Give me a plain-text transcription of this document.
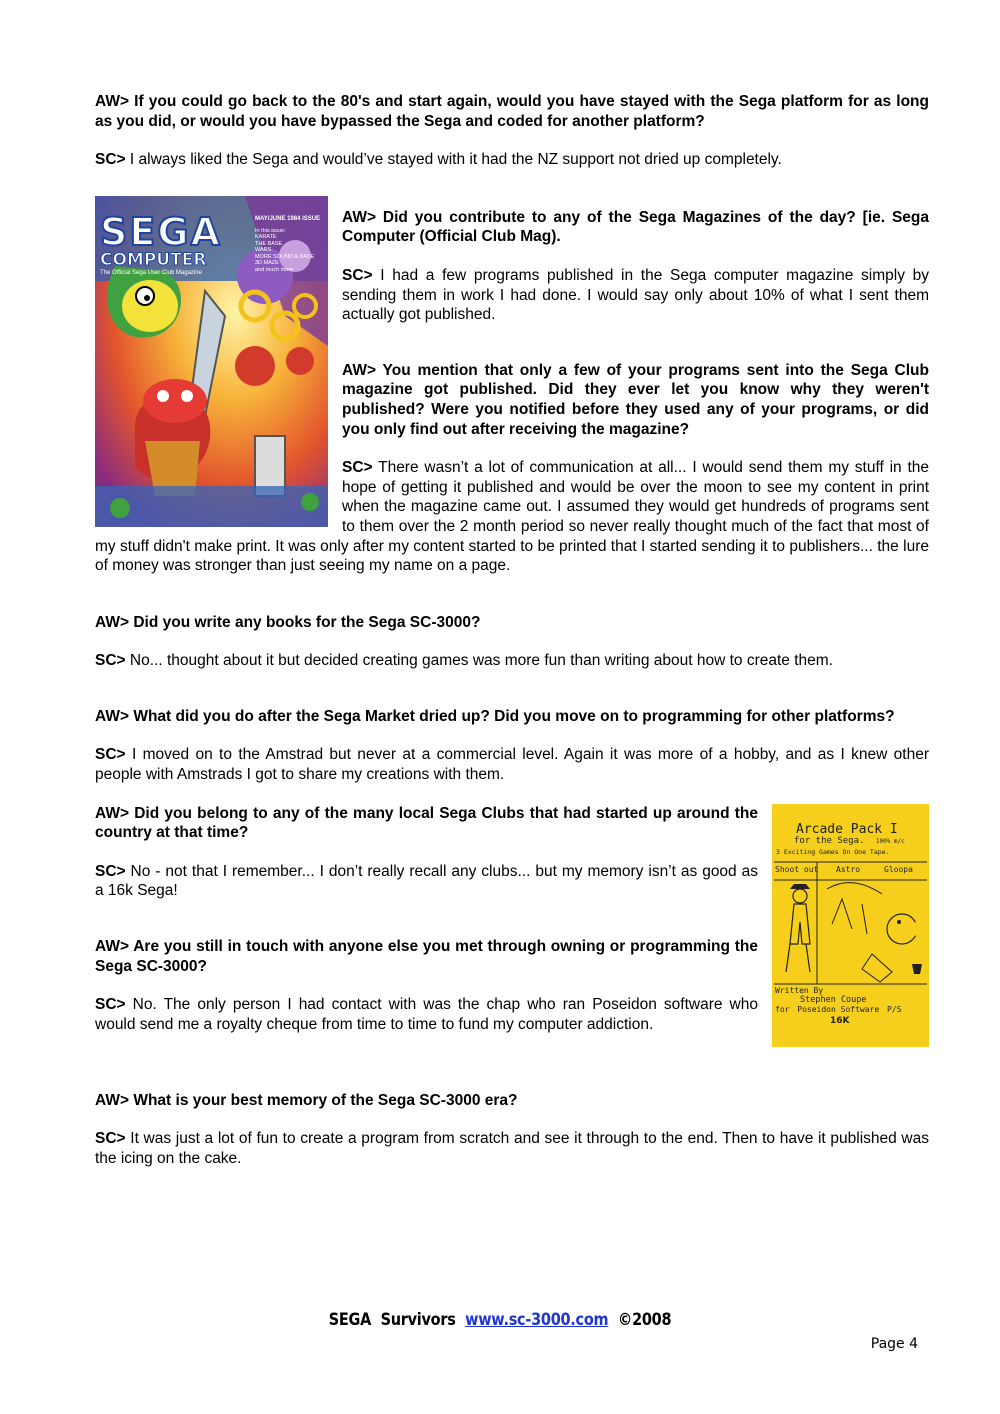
AW> If you could go back to the 80's and start again, would you have stayed with the Sega platform for as long as you did, or would you have bypassed the Sega and coded for another platform?

SC> I always liked the Sega and would’ve stayed with it had the NZ support not dried up completely.

SEGA
COMPUTER
The Official Sega User Club Magazine
MAY/JUNE 1984 ISSUE
In this issue:
KARATE
THE BASE
WARS
MORE SOUND & BASE
3D MAZE
and much more

AW> Did you contribute to any of the Sega Magazines of the day? [ie. Sega Computer (Official Club Mag).

SC> I had a few programs published in the Sega computer magazine simply by sending them in work I had done. I would say only about 10% of what I sent them actually got published.

AW> You mention that only a few of your programs sent into the Sega Club magazine got published. Did they ever let you know why they weren't published? Were you notified before they used any of your programs, or did you only find out after receiving the magazine?

SC> There wasn’t a lot of communication at all... I would send them my stuff in the hope of getting it published and would be over the moon to see my content in print when the magazine came out. I assumed they would get hundreds of programs sent to them over the 2 month period so never really thought much of the fact that most of my stuff didn't make print. It was only after my content started to be printed that I started sending it to publishers... the lure of money was stronger than just seeing my name on a page.

AW> Did you write any books for the Sega SC-3000?

SC> No... thought about it but decided creating games was more fun than writing about how to create them.

AW> What did you do after the Sega Market dried up? Did you move on to programming for other platforms?

SC> I moved on to the Amstrad but never at a commercial level. Again it was more of a hobby, and as I knew other people with Amstrads I got to share my creations with them.

Arcade Pack I
for the Sega. 100% m/c
3 Exciting Games On One Tape.
Shoot out Astro	Gloopa
Written By
Stephen Coupe
for Poseidon Software P/S
16K

AW> Did you belong to any of the many local Sega Clubs that had started up around the country at that time?

SC> No - not that I remember... I don’t really recall any clubs... but my memory isn’t as good as a 16k Sega!

AW> Are you still in touch with anyone else you met through owning or programming the Sega SC-3000?

SC> No. The only person I had contact with was the chap who ran Poseidon software who would send me a royalty cheque from time to time to fund my computer addiction.

AW> What is your best memory of the Sega SC-3000 era?

SC> It was just a lot of fun to create a program from scratch and see it through to the end. Then to have it published was the icing on the cake.

SEGA  Survivors  www.sc-3000.com  ©2008
Page 4
